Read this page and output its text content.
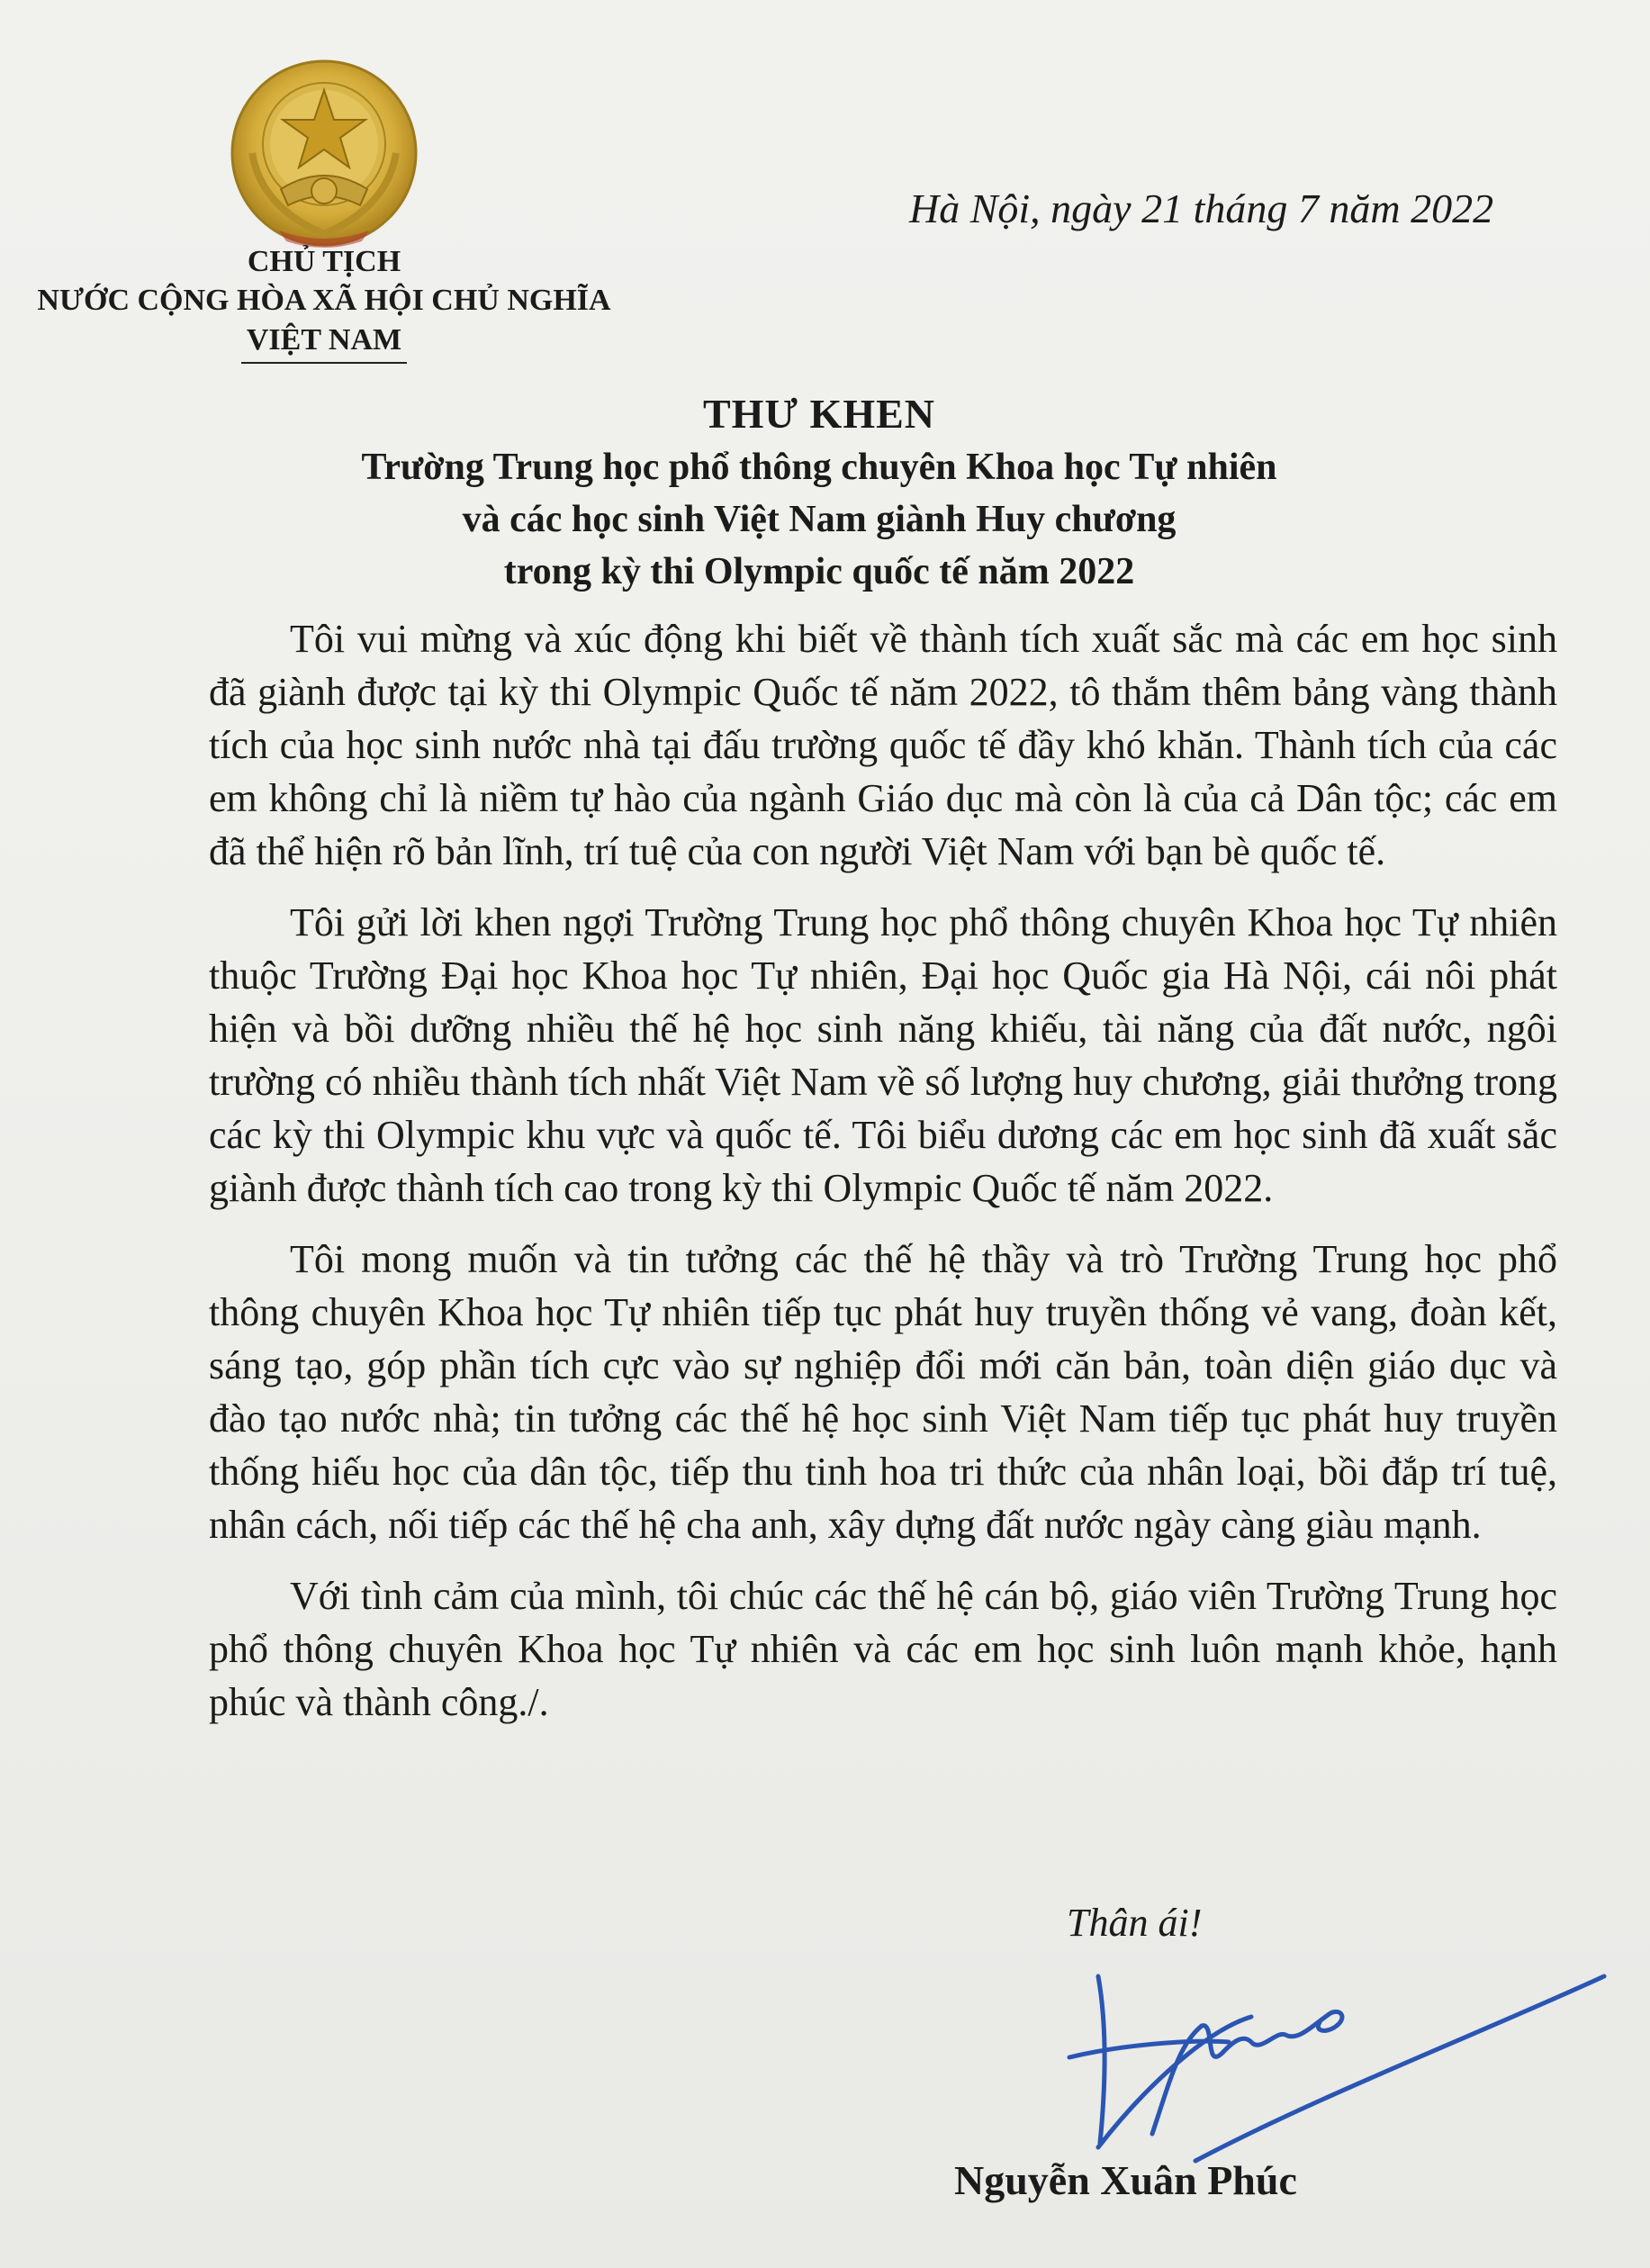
CHỦ TỊCH
NƯỚC CỘNG HÒA XÃ HỘI CHỦ NGHĨA
VIỆT NAM
Hà Nội, ngày 21 tháng 7 năm 2022
THƯ KHEN
Trường Trung học phổ thông chuyên Khoa học Tự nhiên
và các học sinh Việt Nam giành Huy chương
trong kỳ thi Olympic quốc tế năm 2022

Tôi vui mừng và xúc động khi biết về thành tích xuất sắc mà các em học sinh đã giành được tại kỳ thi Olympic Quốc tế năm 2022, tô thắm thêm bảng vàng thành tích của học sinh nước nhà tại đấu trường quốc tế đầy khó khăn. Thành tích của các em không chỉ là niềm tự hào của ngành Giáo dục mà còn là của cả Dân tộc; các em đã thể hiện rõ bản lĩnh, trí tuệ của con người Việt Nam với bạn bè quốc tế.

Tôi gửi lời khen ngợi Trường Trung học phổ thông chuyên Khoa học Tự nhiên thuộc Trường Đại học Khoa học Tự nhiên, Đại học Quốc gia Hà Nội, cái nôi phát hiện và bồi dưỡng nhiều thế hệ học sinh năng khiếu, tài năng của đất nước, ngôi trường có nhiều thành tích nhất Việt Nam về số lượng huy chương, giải thưởng trong các kỳ thi Olympic khu vực và quốc tế. Tôi biểu dương các em học sinh đã xuất sắc giành được thành tích cao trong kỳ thi Olympic Quốc tế năm 2022.

Tôi mong muốn và tin tưởng các thế hệ thầy và trò Trường Trung học phổ thông chuyên Khoa học Tự nhiên tiếp tục phát huy truyền thống vẻ vang, đoàn kết, sáng tạo, góp phần tích cực vào sự nghiệp đổi mới căn bản, toàn diện giáo dục và đào tạo nước nhà; tin tưởng các thế hệ học sinh Việt Nam tiếp tục phát huy truyền thống hiếu học của dân tộc, tiếp thu tinh hoa tri thức của nhân loại, bồi đắp trí tuệ, nhân cách, nối tiếp các thế hệ cha anh, xây dựng đất nước ngày càng giàu mạnh.

Với tình cảm của mình, tôi chúc các thế hệ cán bộ, giáo viên Trường Trung học phổ thông chuyên Khoa học Tự nhiên và các em học sinh luôn mạnh khỏe, hạnh phúc và thành công./.

Thân ái!
Nguyễn Xuân Phúc
